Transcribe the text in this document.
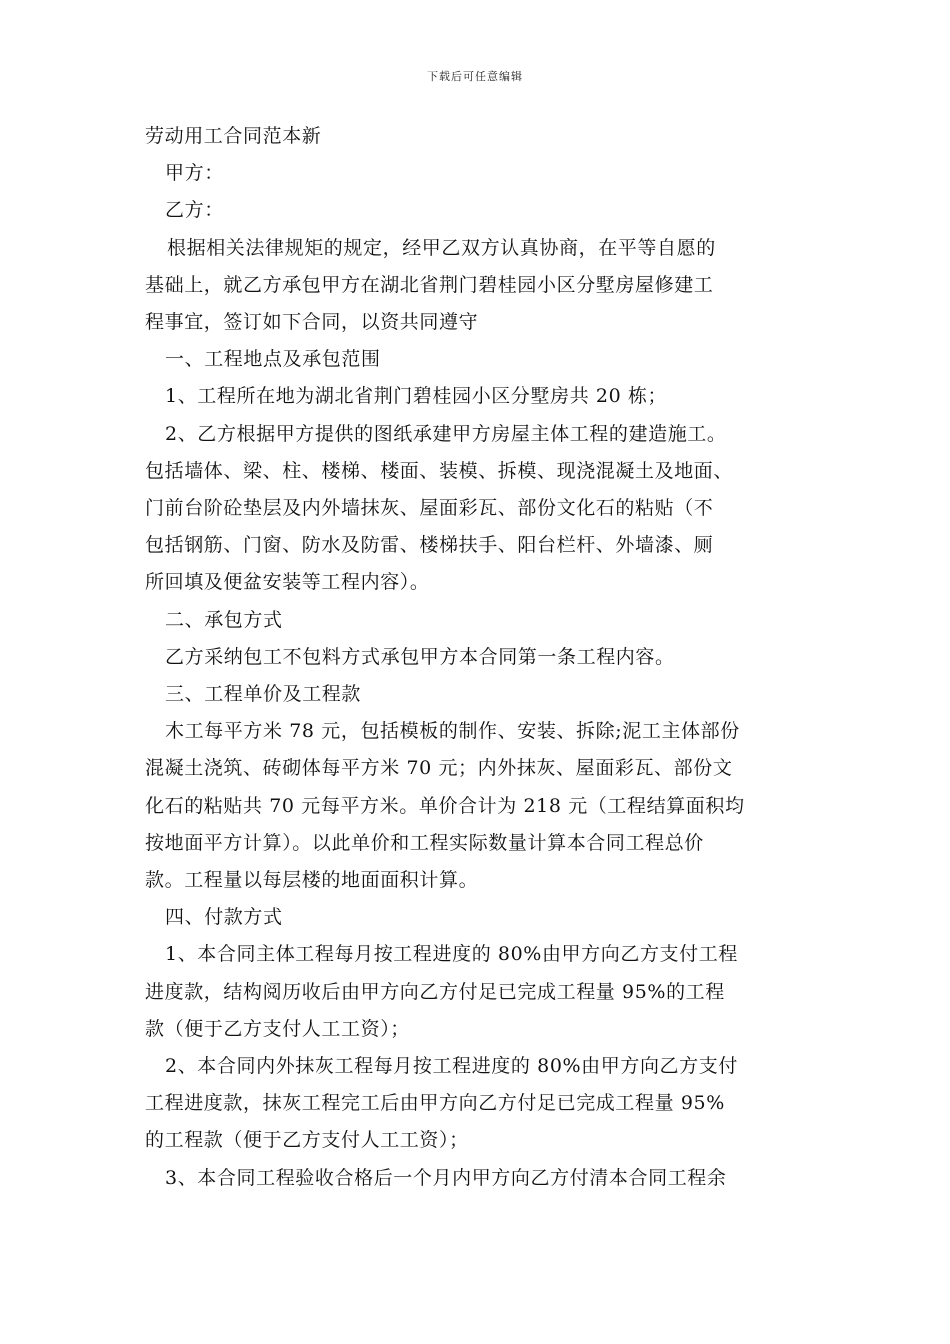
下载后可任意编辑
劳动用工合同范本新
甲方：
乙方：
根据相关法律规矩的规定，经甲乙双方认真协商，在平等自愿的
基础上，就乙方承包甲方在湖北省荆门碧桂园小区分墅房屋修建工
程事宜，签订如下合同，以资共同遵守
一、工程地点及承包范围
1、工程所在地为湖北省荆门碧桂园小区分墅房共 20 栋；
2、乙方根据甲方提供的图纸承建甲方房屋主体工程的建造施工。
包括墙体、梁、柱、楼梯、楼面、装模、拆模、现浇混凝土及地面、
门前台阶砼垫层及内外墙抹灰、屋面彩瓦、部份文化石的粘贴（不
包括钢筋、门窗、防水及防雷、楼梯扶手、阳台栏杆、外墙漆、厕
所回填及便盆安装等工程内容）。
二、承包方式
乙方采纳包工不包料方式承包甲方本合同第一条工程内容。
三、工程单价及工程款
木工每平方米 78 元，包括模板的制作、安装、拆除;泥工主体部份
混凝土浇筑、砖砌体每平方米 70 元；内外抹灰、屋面彩瓦、部份文
化石的粘贴共 70 元每平方米。单价合计为 218 元（工程结算面积均
按地面平方计算）。以此单价和工程实际数量计算本合同工程总价
款。工程量以每层楼的地面面积计算。
四、付款方式
1、本合同主体工程每月按工程进度的 80%由甲方向乙方支付工程
进度款，结构阅历收后由甲方向乙方付足已完成工程量 95%的工程
款（便于乙方支付人工工资）；
2、本合同内外抹灰工程每月按工程进度的 80%由甲方向乙方支付
工程进度款，抹灰工程完工后由甲方向乙方付足已完成工程量 95%
的工程款（便于乙方支付人工工资）；
3、本合同工程验收合格后一个月内甲方向乙方付清本合同工程余
